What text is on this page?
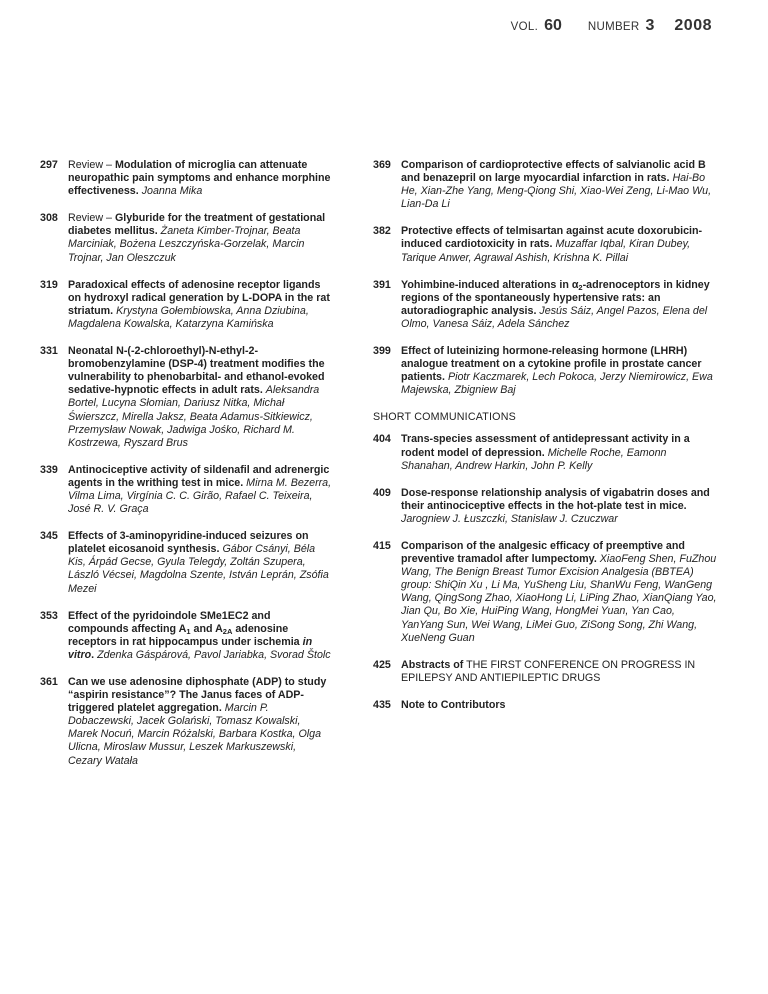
VOL. 60 NUMBER 3 2008
297 Review – Modulation of microglia can attenuate neuropathic pain symptoms and enhance morphine effectiveness. Joanna Mika
308 Review – Glyburide for the treatment of gestational diabetes mellitus. Żaneta Kimber-Trojnar, Beata Marciniak, Bożena Leszczyńska-Gorzelak, Marcin Trojnar, Jan Oleszczuk
319 Paradoxical effects of adenosine receptor ligands on hydroxyl radical generation by L-DOPA in the rat striatum. Krystyna Gołembiowska, Anna Dziubina, Magdalena Kowalska, Katarzyna Kamińska
331 Neonatal N-(-2-chloroethyl)-N-ethyl-2- bromobenzylamine (DSP-4) treatment modifies the vulnerability to phenobarbital- and ethanol-evoked sedative-hypnotic effects in adult rats. Aleksandra Bortel, Lucyna Słomian, Dariusz Nitka, Michał Świerszcz, Mirella Jaksz, Beata Adamus-Sitkiewicz, Przemysław Nowak, Jadwiga Jośko, Richard M. Kostrzewa, Ryszard Brus
339 Antinociceptive activity of sildenafil and adrenergic agents in the writhing test in mice. Mirna M. Bezerra, Vilma Lima, Virgínia C. C. Girão, Rafael C. Teixeira, José R. V. Graça
345 Effects of 3-aminopyridine-induced seizures on platelet eicosanoid synthesis. Gábor Csányi, Béla Kis, Árpád Gecse, Gyula Telegdy, Zoltán Szupera, László Vécsei, Magdolna Szente, István Leprán, Zsófia Mezei
353 Effect of the pyridoindole SMe1EC2 and compounds affecting $A_1$ and $A_{2A}$ adenosine receptors in rat hippocampus under ischemia in vitro. Zdenka Gáspárová, Pavol Jariabka, Svorad Štolc
361 Can we use adenosine diphosphate (ADP) to study “aspirin resistance”? The Janus faces of ADP-triggered platelet aggregation. Marcin P. Dobaczewski, Jacek Golański, Tomasz Kowalski, Marek Nocuń, Marcin Różalski, Barbara Kostka, Olga Ulicna, Miroslaw Mussur, Leszek Markuszewski, Cezary Watała
369 Comparison of cardioprotective effects of salvianolic acid B and benazepril on large myocardial infarction in rats. Hai-Bo He, Xian-Zhe Yang, Meng-Qiong Shi, Xiao-Wei Zeng, Li-Mao Wu, Lian-Da Li
382 Protective effects of telmisartan against acute doxorubicin-induced cardiotoxicity in rats. Muzaffar Iqbal, Kiran Dubey, Tarique Anwer, Agrawal Ashish, Krishna K. Pillai
391 Yohimbine-induced alterations in $\alpha_2$-adrenoceptors in kidney regions of the spontaneously hypertensive rats: an autoradiographic analysis. Jesús Sáiz, Angel Pazos, Elena del Olmo, Vanesa Sáiz, Adela Sánchez
399 Effect of luteinizing hormone-releasing hormone (LHRH) analogue treatment on a cytokine profile in prostate cancer patients. Piotr Kaczmarek, Lech Pokoca, Jerzy Niemirowicz, Ewa Majewska, Zbigniew Baj
SHORT COMMUNICATIONS
404 Trans-species assessment of antidepressant activity in a rodent model of depression. Michelle Roche, Eamonn Shanahan, Andrew Harkin, John P. Kelly
409 Dose-response relationship analysis of vigabatrin doses and their antinociceptive effects in the hot-plate test in mice. Jarogniew J. Łuszczki, Stanisław J. Czuczwar
415 Comparison of the analgesic efficacy of preemptive and preventive tramadol after lumpectomy. XiaoFeng Shen, FuZhou Wang, The Benign Breast Tumor Excision Analgesia (BBTEA) group: ShiQin Xu , Li Ma, YuSheng Liu, ShanWu Feng, WanGeng Wang, QingSong Zhao, XiaoHong Li, LiPing Zhao, XianQiang Yao, Jian Qu, Bo Xie, HuiPing Wang, HongMei Yuan, Yan Cao, YanYang Sun, Wei Wang, LiMei Guo, ZiSong Song, Zhi Wang, XueNeng Guan
425 Abstracts of THE FIRST CONFERENCE ON PROGRESS IN EPILEPSY AND ANTIEPILEPTIC DRUGS
435 Note to Contributors
